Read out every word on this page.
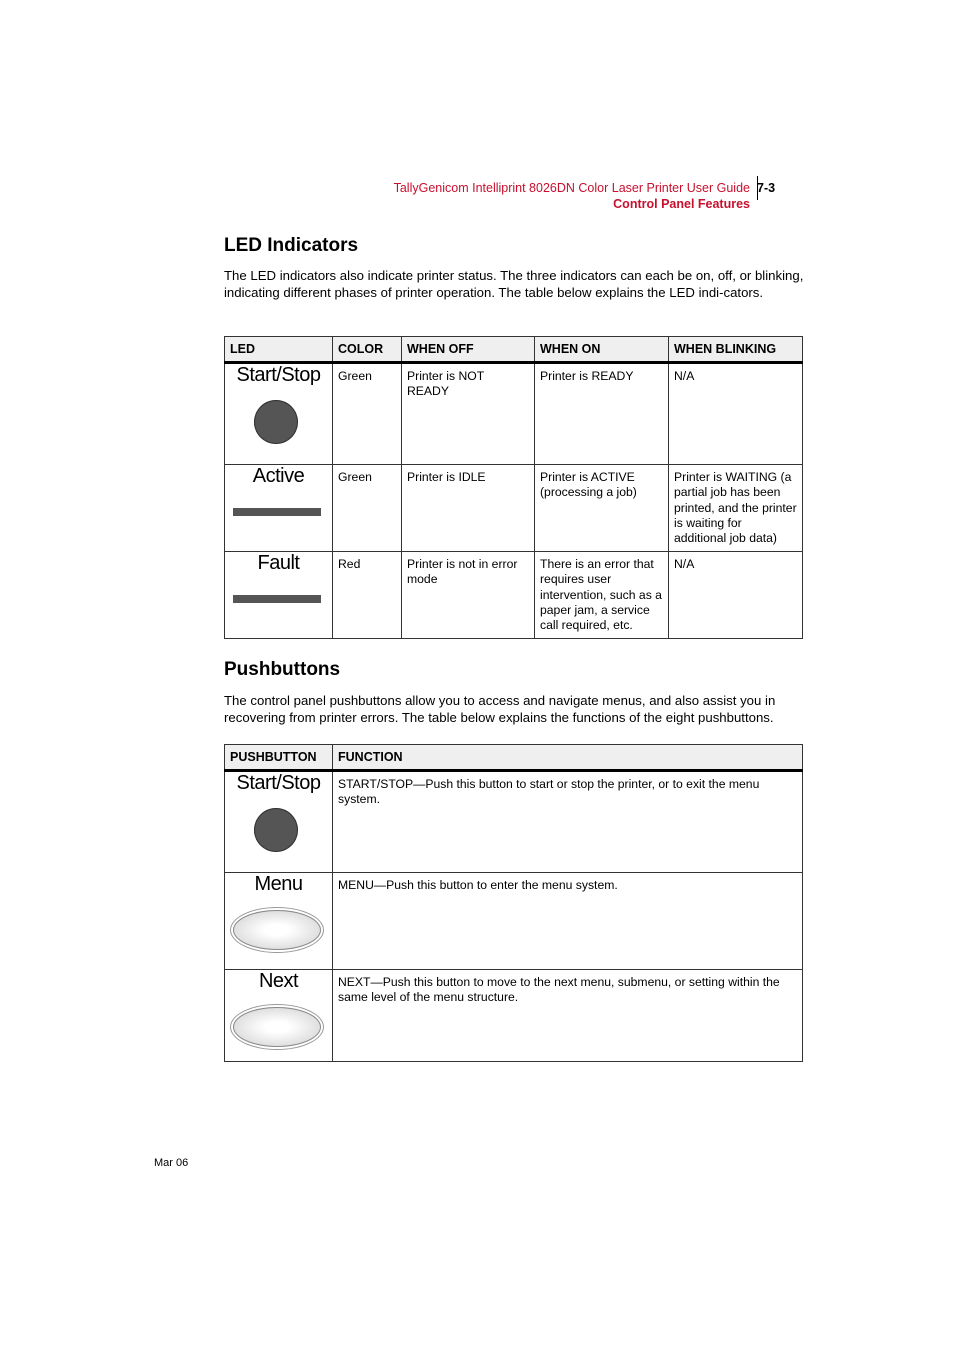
TallyGenicom Intelliprint 8026DN Color Laser Printer User Guide
Control Panel Features
7-3
LED Indicators

The LED indicators also indicate printer status. The three indicators can each be on, off, or blinking, indicating different phases of printer operation. The table below explains the LED indi-cators.

LED	COLOR	WHEN OFF	WHEN ON	WHEN BLINKING

Start/Stop	Green	Printer is NOT READY	Printer is READY	N/A

Active	Green	Printer is IDLE	Printer is ACTIVE (processing a job)	Printer is WAITING (a partial job has been printed, and the printer is waiting for additional job data)

Fault	Red	Printer is not in error mode	There is an error that requires user intervention, such as a paper jam, a service call required, etc.	N/A
Pushbuttons

The control panel pushbuttons allow you to access and navigate menus, and also assist you in recovering from printer errors. The table below explains the functions of the eight pushbuttons.

PUSHBUTTON	FUNCTION

Start/Stop	START/STOP—Push this button to start or stop the printer, or to exit the menu system.

Menu	MENU—Push this button to enter the menu system.

Next	NEXT—Push this button to move to the next menu, submenu, or setting within the same level of the menu structure.
Mar 06
